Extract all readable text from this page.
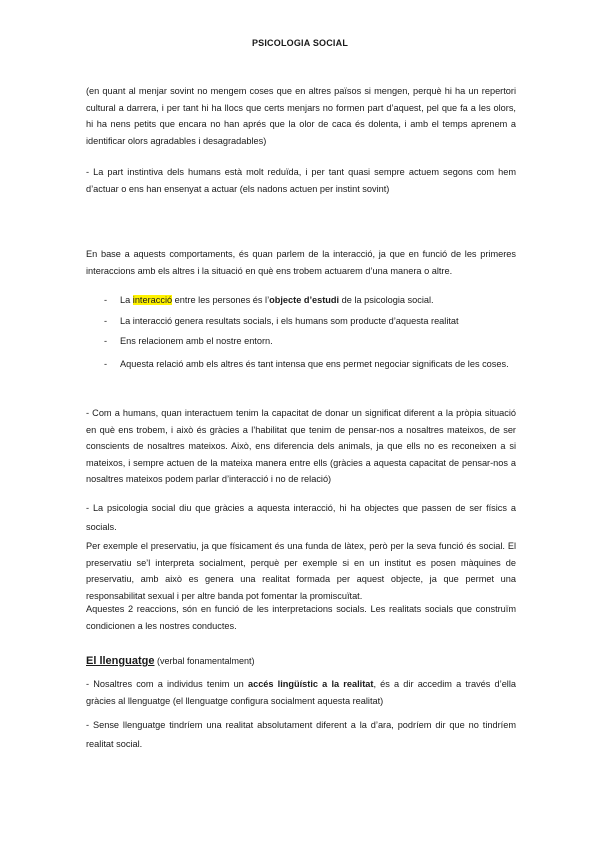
PSICOLOGIA SOCIAL
(en quant al menjar sovint no mengem coses que en altres països si mengen, perquè hi ha un repertori cultural a darrera, i per tant hi ha llocs que certs menjars no formen part d’aquest, pel que fa a les olors, hi ha nens petits que encara no han aprés que la olor de caca és dolenta, i amb el temps aprenem a identificar olors agradables i desagradables)
- La part instintiva dels humans està molt reduïda, i per tant quasi sempre actuem segons com hem d’actuar o ens han ensenyat a actuar (els nadons actuen per instint sovint)
En base a aquests comportaments, és quan parlem de la interacció, ja que en funció de les primeres interaccions amb els altres i la situació en què ens trobem actuarem d’una manera o altre.
- La interacció entre les persones és l’objecte d’estudi de la psicologia social.
- La interacció genera resultats socials, i els humans som producte d’aquesta realitat
- Ens relacionem amb el nostre entorn.
- Aquesta relació amb els altres és tant intensa que ens permet negociar significats de les coses.
- Com a humans, quan interactuem tenim la capacitat de donar un significat diferent a la pròpia situació en què ens trobem, i això és gràcies a l’habilitat que tenim de pensar-nos a nosaltres mateixos, de ser conscients de nosaltres mateixos. Això, ens diferencia dels animals, ja que ells no es reconeixen a si mateixos, i sempre actuen de la mateixa manera entre ells (gràcies a aquesta capacitat de pensar-nos a nosaltres mateixos podem parlar d’interacció i no de relació)
- La psicologia social diu que gràcies a aquesta interacció, hi ha objectes que passen de ser físics a socials.
Per exemple el preservatiu, ja que físicament és una funda de làtex, però per la seva funció és social. El preservatiu se’l interpreta socialment, perquè per exemple si en un institut es posen màquines de preservatiu, amb això es genera una realitat formada per aquest objecte, ja que permet una responsabilitat sexual i per altre banda pot fomentar la promiscuïtat.
Aquestes 2 reaccions, són en funció de les interpretacions socials. Les realitats socials que construïm condicionen a les nostres conductes.
El llenguatge (verbal fonamentalment)
- Nosaltres com a individus tenim un accés lingüístic a la realitat, és a dir accedim a través d’ella gràcies al llenguatge (el llenguatge configura socialment aquesta realitat)
- Sense llenguatge tindríem una realitat absolutament diferent a la d’ara, podríem dir que no tindríem realitat social.
